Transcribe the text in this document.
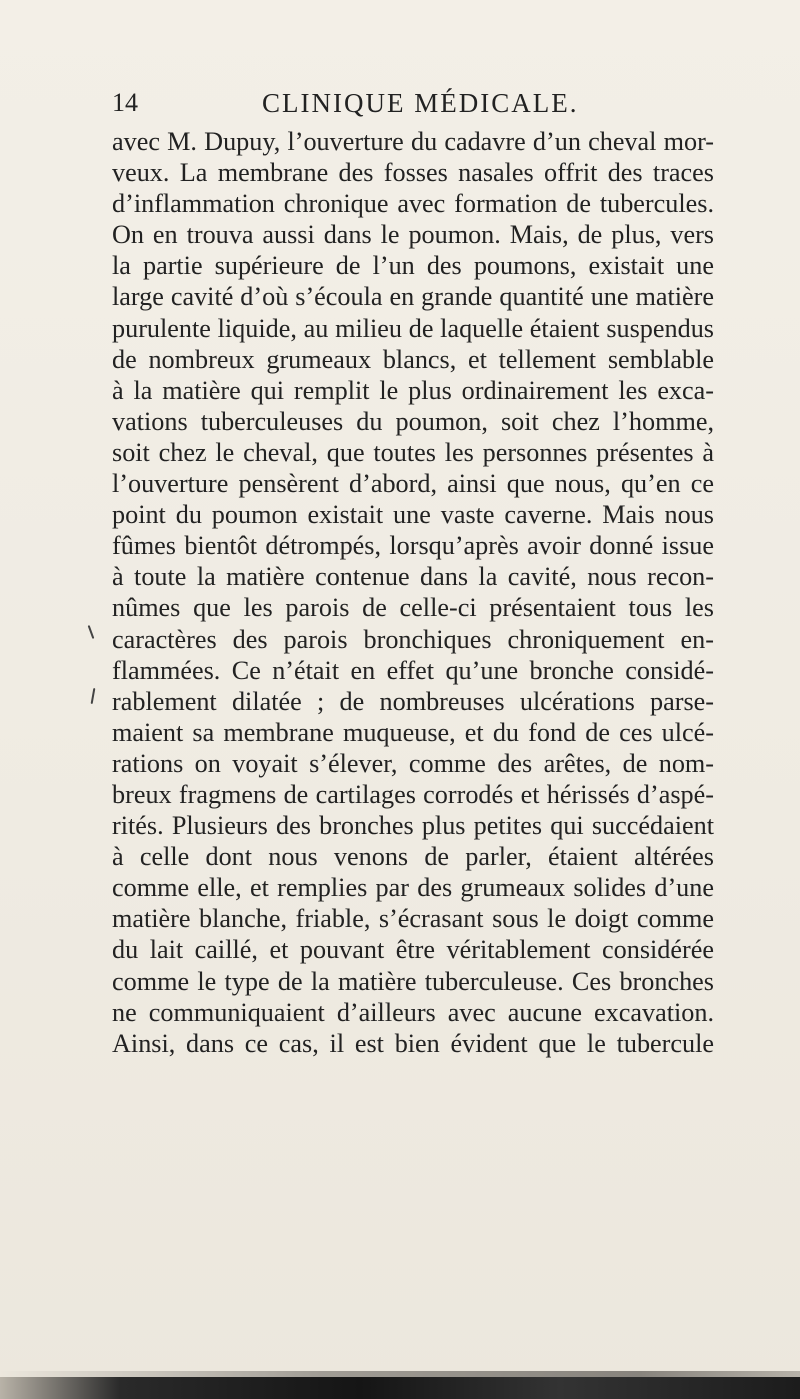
14	CLINIQUE MÉDICALE.

avec M. Dupuy, l’ouverture du cadavre d’un cheval mor-
veux. La membrane des fosses nasales offrit des traces
d’inflammation chronique avec formation de tubercules.
On en trouva aussi dans le poumon. Mais, de plus, vers
la partie supérieure de l’un des poumons, existait une
large cavité d’où s’écoula en grande quantité une matière
purulente liquide, au milieu de laquelle étaient suspendus
de nombreux grumeaux blancs, et tellement semblable
à la matière qui remplit le plus ordinairement les exca-
vations tuberculeuses du poumon, soit chez l’homme,
soit chez le cheval, que toutes les personnes présentes à
l’ouverture pensèrent d’abord, ainsi que nous, qu’en ce
point du poumon existait une vaste caverne. Mais nous
fûmes bientôt détrompés, lorsqu’après avoir donné issue
à toute la matière contenue dans la cavité, nous recon-
nûmes que les parois de celle-ci présentaient tous les
caractères des parois bronchiques chroniquement en-
flammées. Ce n’était en effet qu’une bronche considé-
rablement dilatée ; de nombreuses ulcérations parse-
maient sa membrane muqueuse, et du fond de ces ulcé-
rations on voyait s’élever, comme des arêtes, de nom-
breux fragmens de cartilages corrodés et hérissés d’aspé-
rités. Plusieurs des bronches plus petites qui succédaient
à celle dont nous venons de parler, étaient altérées
comme elle, et remplies par des grumeaux solides d’une
matière blanche, friable, s’écrasant sous le doigt comme
du lait caillé, et pouvant être véritablement considérée
comme le type de la matière tuberculeuse. Ces bronches
ne communiquaient d’ailleurs avec aucune excavation.
Ainsi, dans ce cas, il est bien évident que le tubercule
